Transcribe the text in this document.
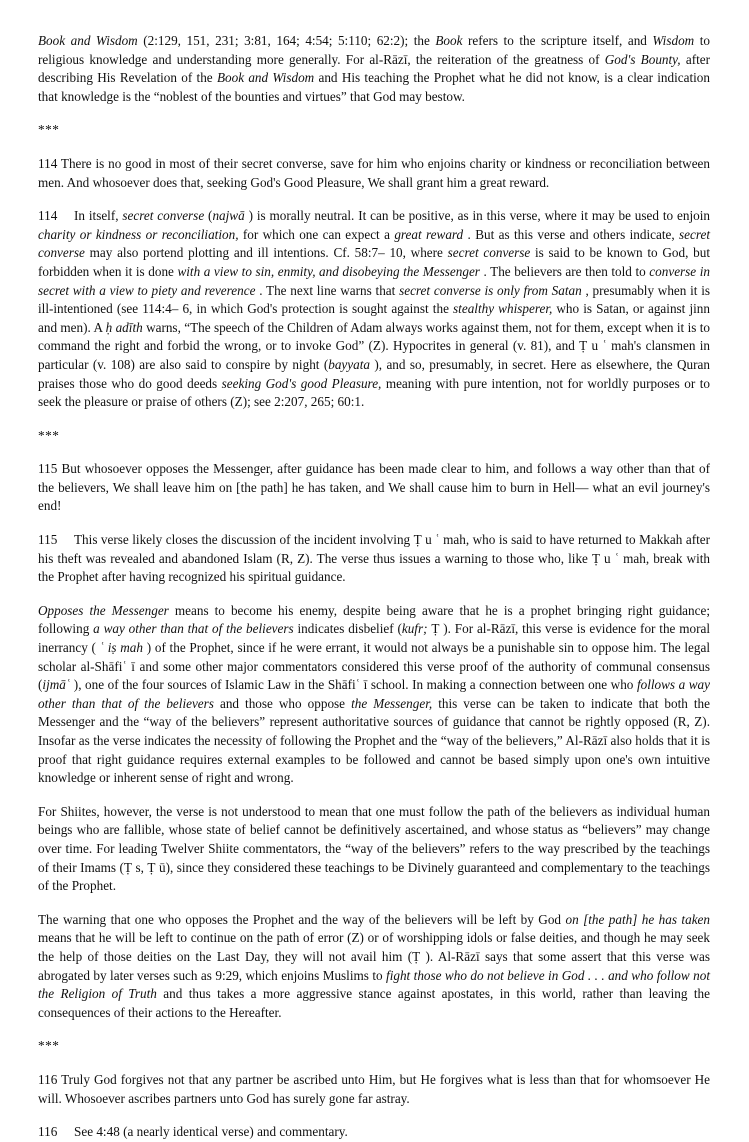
Book and Wisdom (2:129, 151, 231; 3:81, 164; 4:54; 5:110; 62:2); the Book refers to the scripture itself, and Wisdom to religious knowledge and understanding more generally. For al-Rāzī, the reiteration of the greatness of God's Bounty, after describing His Revelation of the Book and Wisdom and His teaching the Prophet what he did not know, is a clear indication that knowledge is the “noblest of the bounties and virtues” that God may bestow.

***

114 There is no good in most of their secret converse, save for him who enjoins charity or kindness or reconciliation between men. And whosoever does that, seeking God's Good Pleasure, We shall grant him a great reward.

114 In itself, secret converse (najwā ) is morally neutral. It can be positive, as in this verse, where it may be used to enjoin charity or kindness or reconciliation, for which one can expect a great reward . But as this verse and others indicate, secret converse may also portend plotting and ill intentions. Cf. 58:7– 10, where secret converse is said to be known to God, but forbidden when it is done with a view to sin, enmity, and disobeying the Messenger . The believers are then told to converse in secret with a view to piety and reverence . The next line warns that secret converse is only from Satan , presumably when it is ill-intentioned (see 114:4– 6, in which God's protection is sought against the stealthy whisperer, who is Satan, or against jinn and men). A ḥ adīth warns, “The speech of the Children of Adam always works against them, not for them, except when it is to command the right and forbid the wrong, or to invoke God” (Z). Hypocrites in general (v. 81), and Ṭ u ʿ mah's clansmen in particular (v. 108) are also said to conspire by night (bayyata ), and so, presumably, in secret. Here as elsewhere, the Quran praises those who do good deeds seeking God's good Pleasure, meaning with pure intention, not for worldly purposes or to seek the pleasure or praise of others (Z); see 2:207, 265; 60:1.

***

115 But whosoever opposes the Messenger, after guidance has been made clear to him, and follows a way other than that of the believers, We shall leave him on [the path] he has taken, and We shall cause him to burn in Hell— what an evil journey's end!

115 This verse likely closes the discussion of the incident involving Ṭ u ʿ mah, who is said to have returned to Makkah after his theft was revealed and abandoned Islam (R, Z). The verse thus issues a warning to those who, like Ṭ u ʿ mah, break with the Prophet after having recognized his spiritual guidance.

Opposes the Messenger means to become his enemy, despite being aware that he is a prophet bringing right guidance; following a way other than that of the believers indicates disbelief (kufr; Ṭ ). For al-Rāzī, this verse is evidence for the moral inerrancy ( ʿ iṣ mah ) of the Prophet, since if he were errant, it would not always be a punishable sin to oppose him. The legal scholar al-Shāfiʿ ī and some other major commentators considered this verse proof of the authority of communal consensus (ijmāʿ ), one of the four sources of Islamic Law in the Shāfiʿ ī school. In making a connection between one who follows a way other than that of the believers and those who oppose the Messenger, this verse can be taken to indicate that both the Messenger and the “way of the believers” represent authoritative sources of guidance that cannot be rightly opposed (R, Z). Insofar as the verse indicates the necessity of following the Prophet and the “way of the believers,” Al-Rāzī also holds that it is proof that right guidance requires external examples to be followed and cannot be based simply upon one's own intuitive knowledge or inherent sense of right and wrong.

For Shiites, however, the verse is not understood to mean that one must follow the path of the believers as individual human beings who are fallible, whose state of belief cannot be definitively ascertained, and whose status as “believers” may change over time. For leading Twelver Shiite commentators, the “way of the believers” refers to the way prescribed by the teachings of their Imams (Ṭ s, Ṭ ū), since they considered these teachings to be Divinely guaranteed and complementary to the teachings of the Prophet.

The warning that one who opposes the Prophet and the way of the believers will be left by God on [the path] he has taken means that he will be left to continue on the path of error (Z) or of worshipping idols or false deities, and though he may seek the help of those deities on the Last Day, they will not avail him (Ṭ ). Al-Rāzī says that some assert that this verse was abrogated by later verses such as 9:29, which enjoins Muslims to fight those who do not believe in God . . . and who follow not the Religion of Truth and thus takes a more aggressive stance against apostates, in this world, rather than leaving the consequences of their actions to the Hereafter.

***

116 Truly God forgives not that any partner be ascribed unto Him, but He forgives what is less than that for whomsoever He will. Whosoever ascribes partners unto God has surely gone far astray.

116 See 4:48 (a nearly identical verse) and commentary.
